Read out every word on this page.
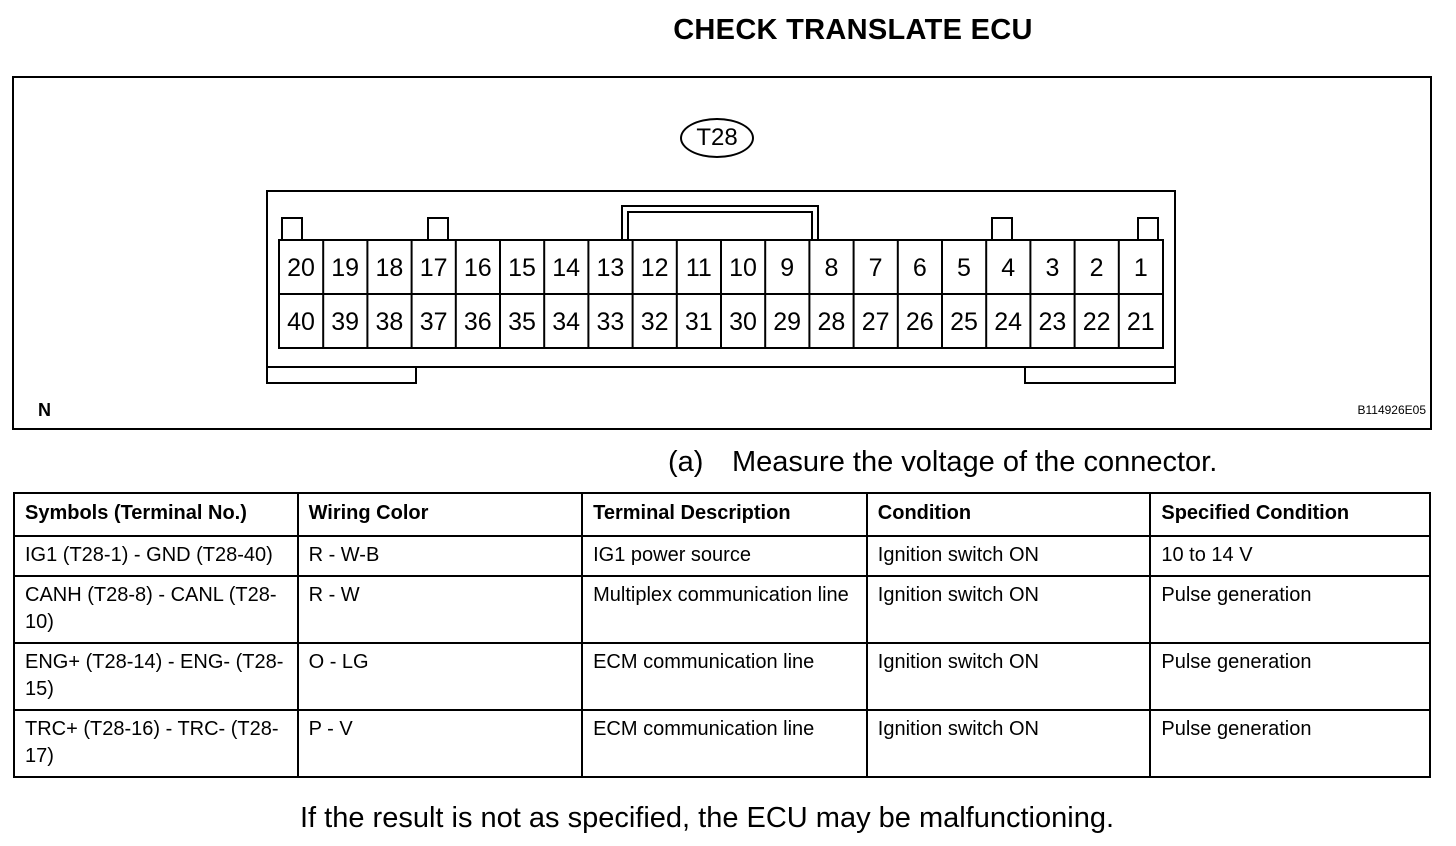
CHECK TRANSLATE ECU
T28
20 19 18 17 16 15 14 13 12 11 10 9	8	7	6	5	4	3	2	1
40 39 38 37 36 35 34 33 32 31 30 29 28 27 26 25 24 23 22 21
N	B114926E05
(a) Measure the voltage of the connector.
Symbols (Terminal No.)	Wiring Color	Terminal Description	Condition	Specified Condition
IG1 (T28-1) - GND (T28-40)	R - W-B	IG1 power source	Ignition switch ON	10 to 14 V
CANH (T28-8) - CANL (T28-10)	R - W	Multiplex communication line	Ignition switch ON	Pulse generation
ENG+ (T28-14) - ENG- (T28-15)	O - LG	ECM communication line	Ignition switch ON	Pulse generation
TRC+ (T28-16) - TRC- (T28-17)	P - V	ECM communication line	Ignition switch ON	Pulse generation
If the result is not as specified, the ECU may be malfunctioning.
